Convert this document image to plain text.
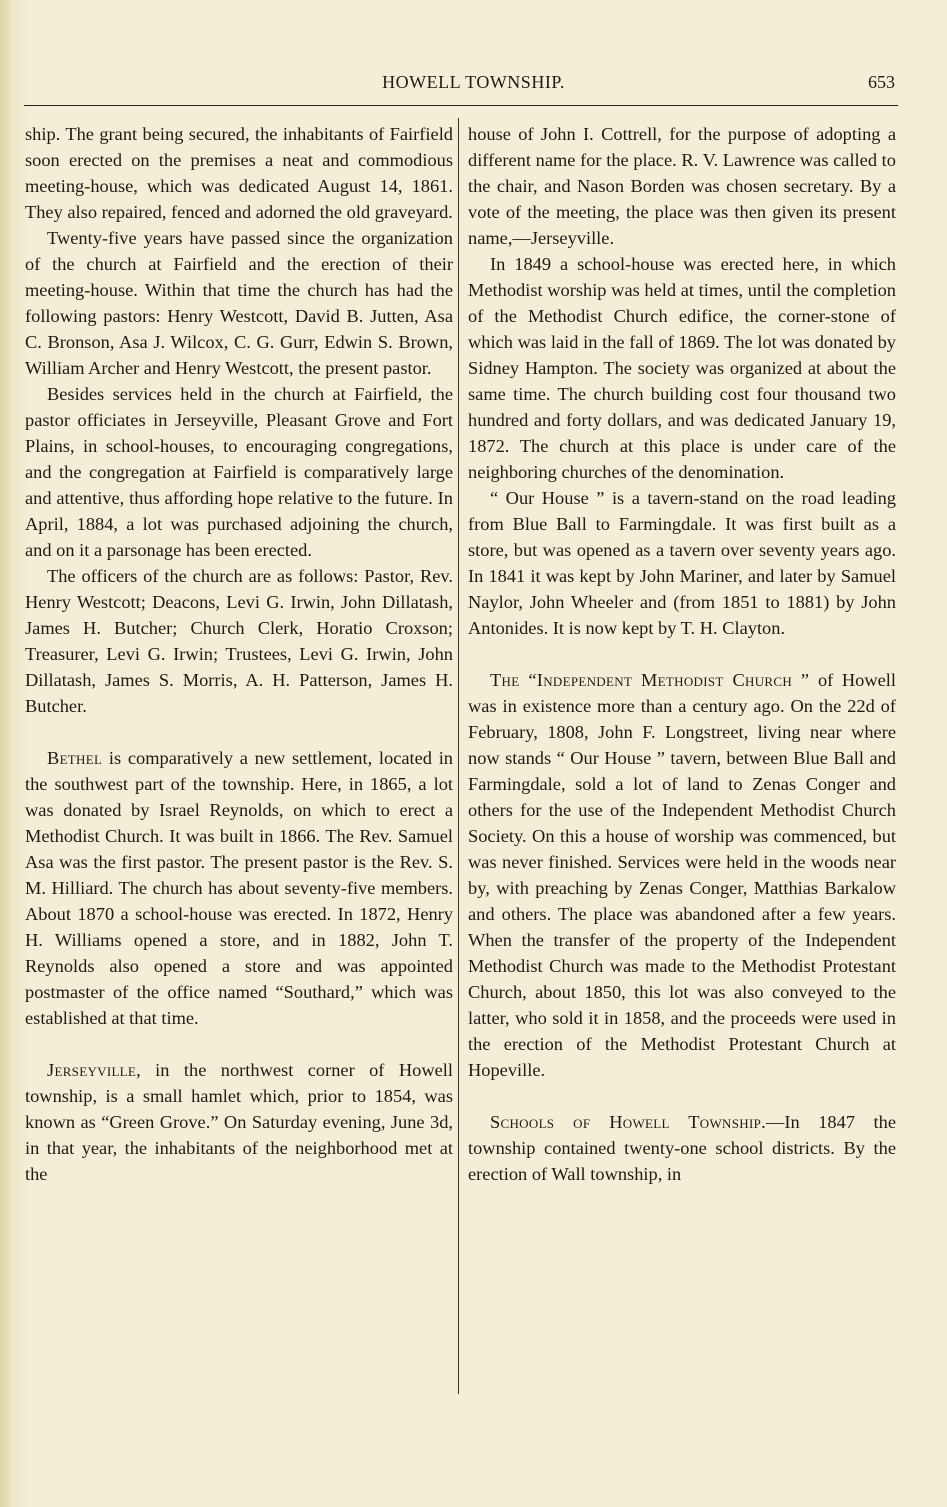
HOWELL TOWNSHIP.	653

ship. The grant being secured, the inhabitants of Fairfield soon erected on the premises a neat and commodious meeting-house, which was dedicated August 14, 1861. They also repaired, fenced and adorned the old graveyard.

Twenty-five years have passed since the organization of the church at Fairfield and the erection of their meeting-house. Within that time the church has had the following pastors: Henry Westcott, David B. Jutten, Asa C. Bronson, Asa J. Wilcox, C. G. Gurr, Edwin S. Brown, William Archer and Henry Westcott, the present pastor.

Besides services held in the church at Fairfield, the pastor officiates in Jerseyville, Pleasant Grove and Fort Plains, in school-houses, to encouraging congregations, and the congregation at Fairfield is comparatively large and attentive, thus affording hope relative to the future. In April, 1884, a lot was purchased adjoining the church, and on it a parsonage has been erected.

The officers of the church are as follows: Pastor, Rev. Henry Westcott; Deacons, Levi G. Irwin, John Dillatash, James H. Butcher; Church Clerk, Horatio Croxson; Treasurer, Levi G. Irwin; Trustees, Levi G. Irwin, John Dillatash, James S. Morris, A. H. Patterson, James H. Butcher.

Bethel is comparatively a new settlement, located in the southwest part of the township. Here, in 1865, a lot was donated by Israel Reynolds, on which to erect a Methodist Church. It was built in 1866. The Rev. Samuel Asa was the first pastor. The present pastor is the Rev. S. M. Hilliard. The church has about seventy-five members. About 1870 a school-house was erected. In 1872, Henry H. Williams opened a store, and in 1882, John T. Reynolds also opened a store and was appointed postmaster of the office named “Southard,” which was established at that time.

Jerseyville, in the northwest corner of Howell township, is a small hamlet which, prior to 1854, was known as “Green Grove.” On Saturday evening, June 3d, in that year, the inhabitants of the neighborhood met at the

house of John I. Cottrell, for the purpose of adopting a different name for the place. R. V. Lawrence was called to the chair, and Nason Borden was chosen secretary. By a vote of the meeting, the place was then given its present name,—Jerseyville.

In 1849 a school-house was erected here, in which Methodist worship was held at times, until the completion of the Methodist Church edifice, the corner-stone of which was laid in the fall of 1869. The lot was donated by Sidney Hampton. The society was organized at about the same time. The church building cost four thousand two hundred and forty dollars, and was dedicated January 19, 1872. The church at this place is under care of the neighboring churches of the denomination.

“ Our House ” is a tavern-stand on the road leading from Blue Ball to Farmingdale. It was first built as a store, but was opened as a tavern over seventy years ago. In 1841 it was kept by John Mariner, and later by Samuel Naylor, John Wheeler and (from 1851 to 1881) by John Antonides. It is now kept by T. H. Clayton.

The “Independent Methodist Church ” of Howell was in existence more than a century ago. On the 22d of February, 1808, John F. Longstreet, living near where now stands “ Our House ” tavern, between Blue Ball and Farmingdale, sold a lot of land to Zenas Conger and others for the use of the Independent Methodist Church Society. On this a house of worship was commenced, but was never finished. Services were held in the woods near by, with preaching by Zenas Conger, Matthias Barkalow and others. The place was abandoned after a few years. When the transfer of the property of the Independent Methodist Church was made to the Methodist Protestant Church, about 1850, this lot was also conveyed to the latter, who sold it in 1858, and the proceeds were used in the erection of the Methodist Protestant Church at Hopeville.

Schools of Howell Township.—In 1847 the township contained twenty-one school districts. By the erection of Wall township, in
